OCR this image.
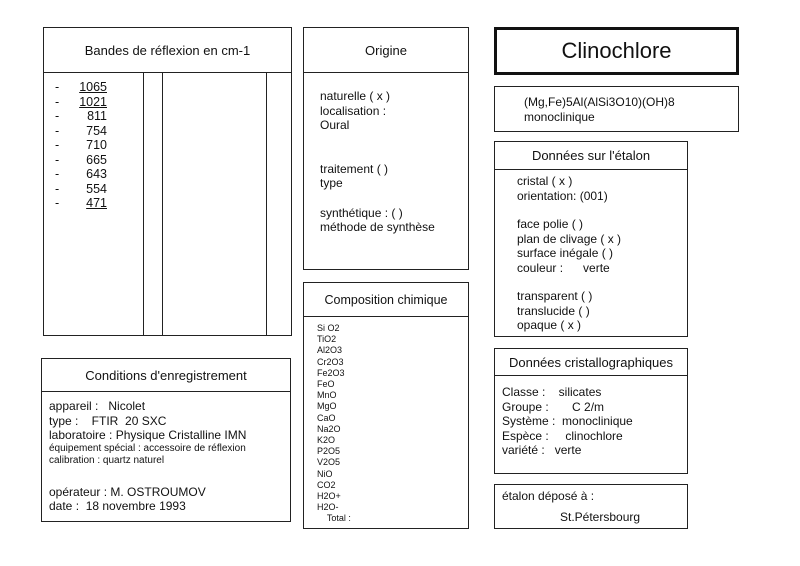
Bandes de réflexion en cm-1
- 1065
- 1021
- 811
- 754
- 710
- 665
- 643
- 554
- 471
Origine
naturelle ( x )
localisation :
Oural
traitement ( )
type
synthétique : ( )
méthode de synthèse
Clinochlore
(Mg,Fe)5Al(AlSi3O10)(OH)8
monoclinique
Données sur l'étalon
cristal ( x )
orientation: (001)
face polie ( )
plan de clivage ( x )
surface inégale ( )
couleur :      verte
transparent ( )
translucide ( )
opaque ( x )
Composition chimique
Si O2
TiO2
Al2O3
Cr2O3
Fe2O3
FeO
MnO
MgO
CaO
Na2O
K2O
P2O5
V2O5
NiO
CO2
H2O+
H2O-
Total :
Conditions d'enregistrement
appareil :   Nicolet
type :    FTIR  20 SXC
laboratoire : Physique Cristalline IMN
équipement spécial : accessoire de réflexion
calibration : quartz naturel
opérateur : M. OSTROUMOV
date :  18 novembre 1993
Données cristallographiques
Classe :    silicates
Groupe :       C 2/m
Système :  monoclinique
Espèce :     clinochlore
variété :   verte
étalon déposé à :
St.Pétersbourg
